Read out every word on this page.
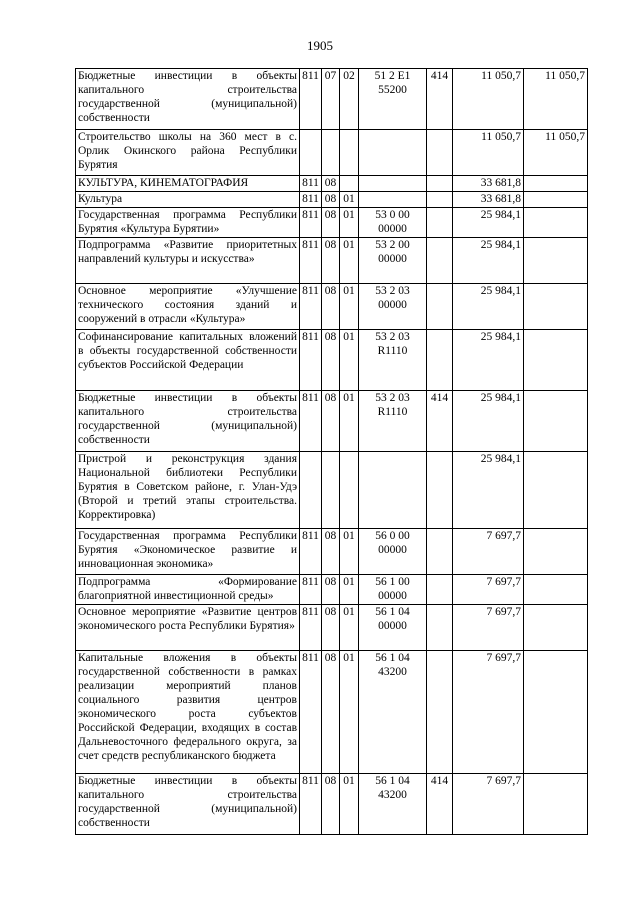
1905
Бюджетные инвестиции в объекты капитального строительства государственной (муниципальной) собственности	811	07	02	51 2 E1 55200	414	11 050,7	11 050,7
Строительство школы на 360 мест в с. Орлик Окинского района Республики Бурятия						11 050,7	11 050,7
КУЛЬТУРА, КИНЕМАТОГРАФИЯ	811	08				33 681,8	
Культура	811	08	01			33 681,8	
Государственная программа Республики Бурятия «Культура Бурятии»	811	08	01	53 0 00 00000		25 984,1	
Подпрограмма «Развитие приоритетных направлений культуры и искусства»	811	08	01	53 2 00 00000		25 984,1	
Основное мероприятие «Улучшение технического состояния зданий и сооружений в отрасли «Культура»	811	08	01	53 2 03 00000		25 984,1	
Софинансирование капитальных вложений в объекты государственной собственности субъектов Российской Федерации	811	08	01	53 2 03 R1110		25 984,1	
Бюджетные инвестиции в объекты капитального строительства государственной (муниципальной) собственности	811	08	01	53 2 03 R1110	414	25 984,1	
Пристрой и реконструкция здания Национальной библиотеки Республики Бурятия в Советском районе, г. Улан-Удэ (Второй и третий этапы строительства. Корректировка)						25 984,1	
Государственная программа Республики Бурятия «Экономическое развитие и инновационная экономика»	811	08	01	56 0 00 00000		7 697,7	
Подпрограмма «Формирование благоприятной инвестиционной среды»	811	08	01	56 1 00 00000		7 697,7	
Основное мероприятие «Развитие центров экономического роста Республики Бурятия»	811	08	01	56 1 04 00000		7 697,7	
Капитальные вложения в объекты государственной собственности в рамках реализации мероприятий планов социального развития центров экономического роста субъектов Российской Федерации, входящих в состав Дальневосточного федерального округа, за счет средств республиканского бюджета	811	08	01	56 1 04 43200		7 697,7	
Бюджетные инвестиции в объекты капитального строительства государственной (муниципальной) собственности	811	08	01	56 1 04 43200	414	7 697,7	
